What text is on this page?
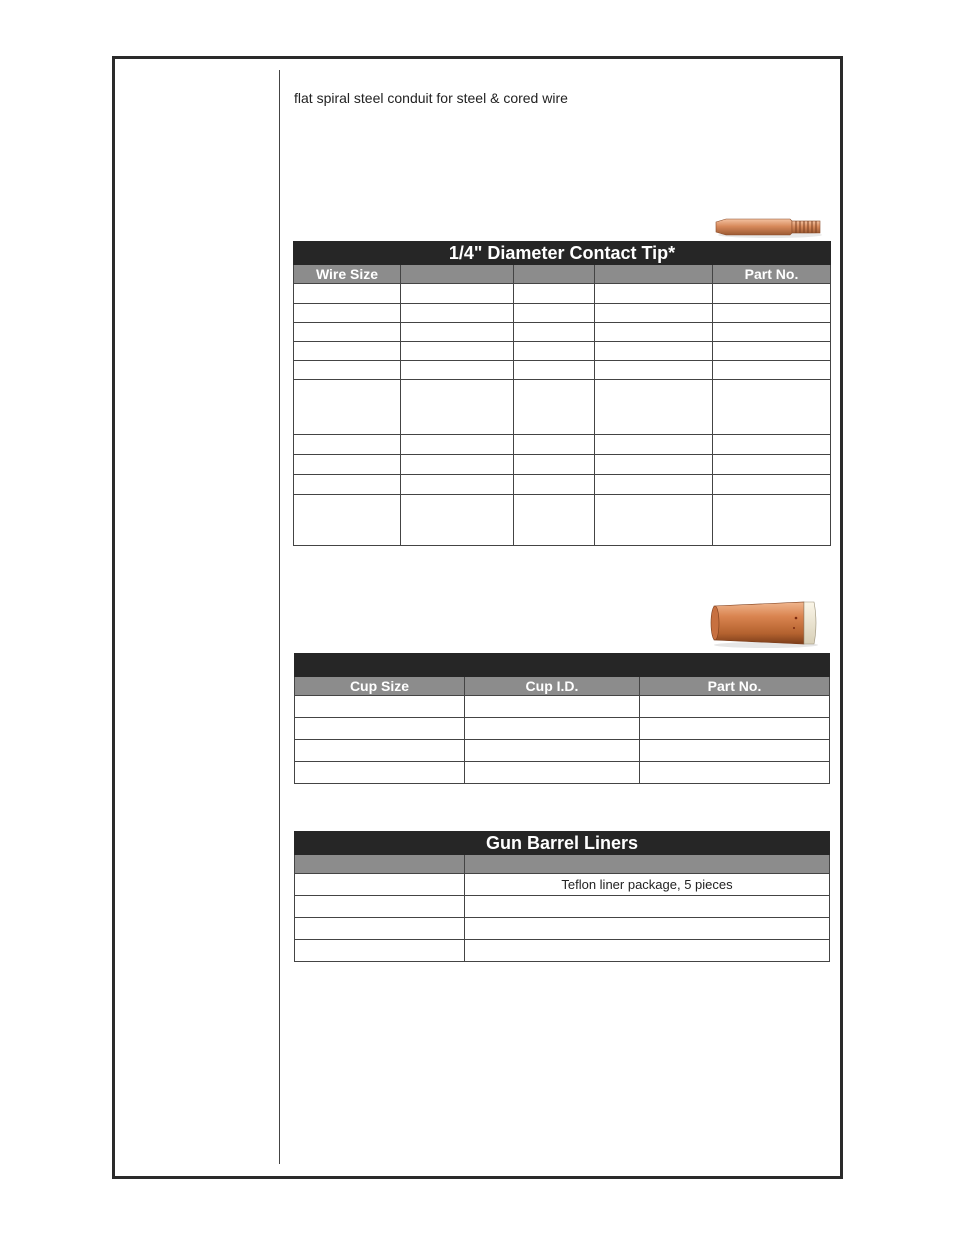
flat spiral steel conduit for steel & cored wire
1/4" Diameter Contact Tip*				
Wire Size				Part No.

Cup Size	Cup I.D.	Part No.

Gun Barrel Liners	

	Teflon liner package, 5 pieces
